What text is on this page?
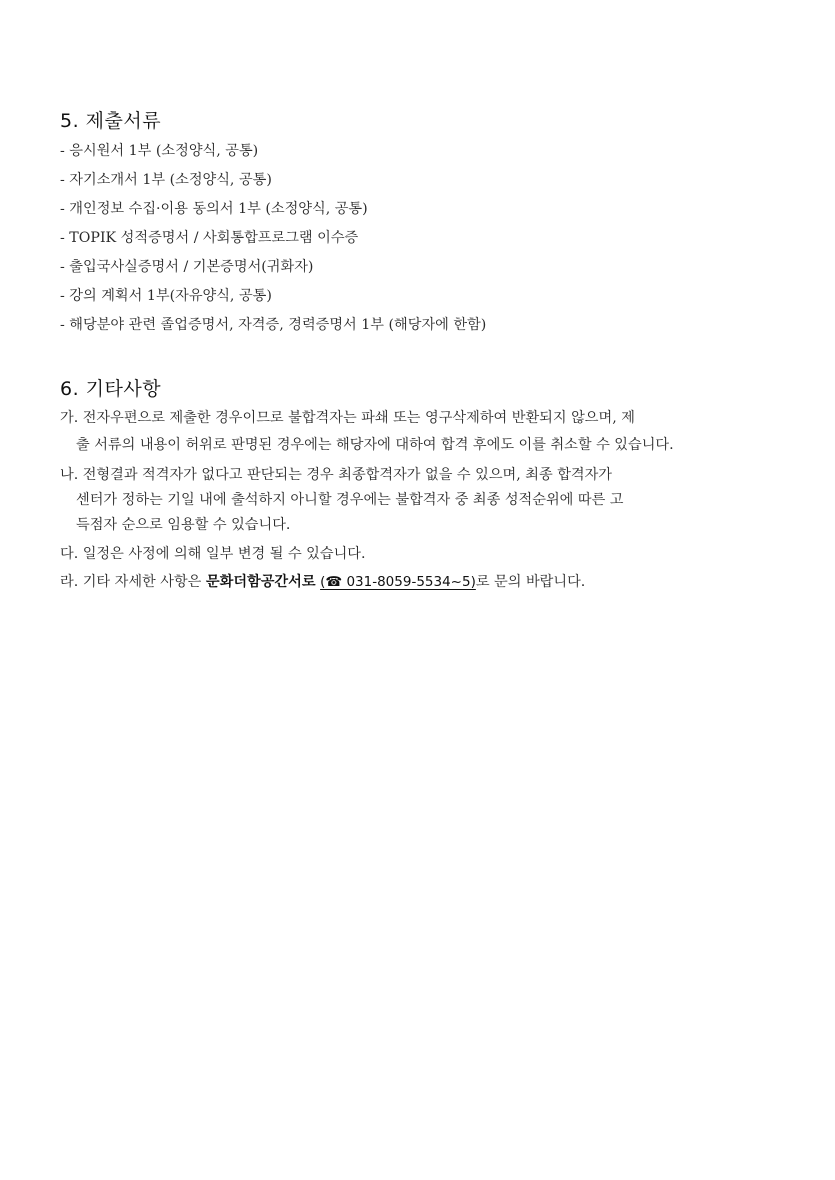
5. 제출서류
- 응시원서 1부 (소정양식, 공통)
- 자기소개서 1부 (소정양식, 공통)
- 개인정보 수집·이용 동의서 1부 (소정양식, 공통)
- TOPIK 성적증명서 / 사회통합프로그램 이수증
- 출입국사실증명서 / 기본증명서(귀화자)
- 강의 계획서 1부(자유양식, 공통)
- 해당분야 관련 졸업증명서, 자격증, 경력증명서 1부 (해당자에 한함)
6. 기타사항
가. 전자우편으로 제출한 경우이므로 불합격자는 파쇄 또는 영구삭제하여 반환되지 않으며, 제
출 서류의 내용이 허위로 판명된 경우에는 해당자에 대하여 합격 후에도 이를 취소할 수 있습니다.
나. 전형결과 적격자가 없다고 판단되는 경우 최종합격자가 없을 수 있으며, 최종 합격자가
센터가 정하는 기일 내에 출석하지 아니할 경우에는 불합격자 중 최종 성적순위에 따른 고
득점자 순으로 임용할 수 있습니다.
다. 일정은 사정에 의해 일부 변경 될 수 있습니다.
라. 기타 자세한 사항은 문화더함공간서로 (☎ 031-8059-5534~5)로 문의 바랍니다.
